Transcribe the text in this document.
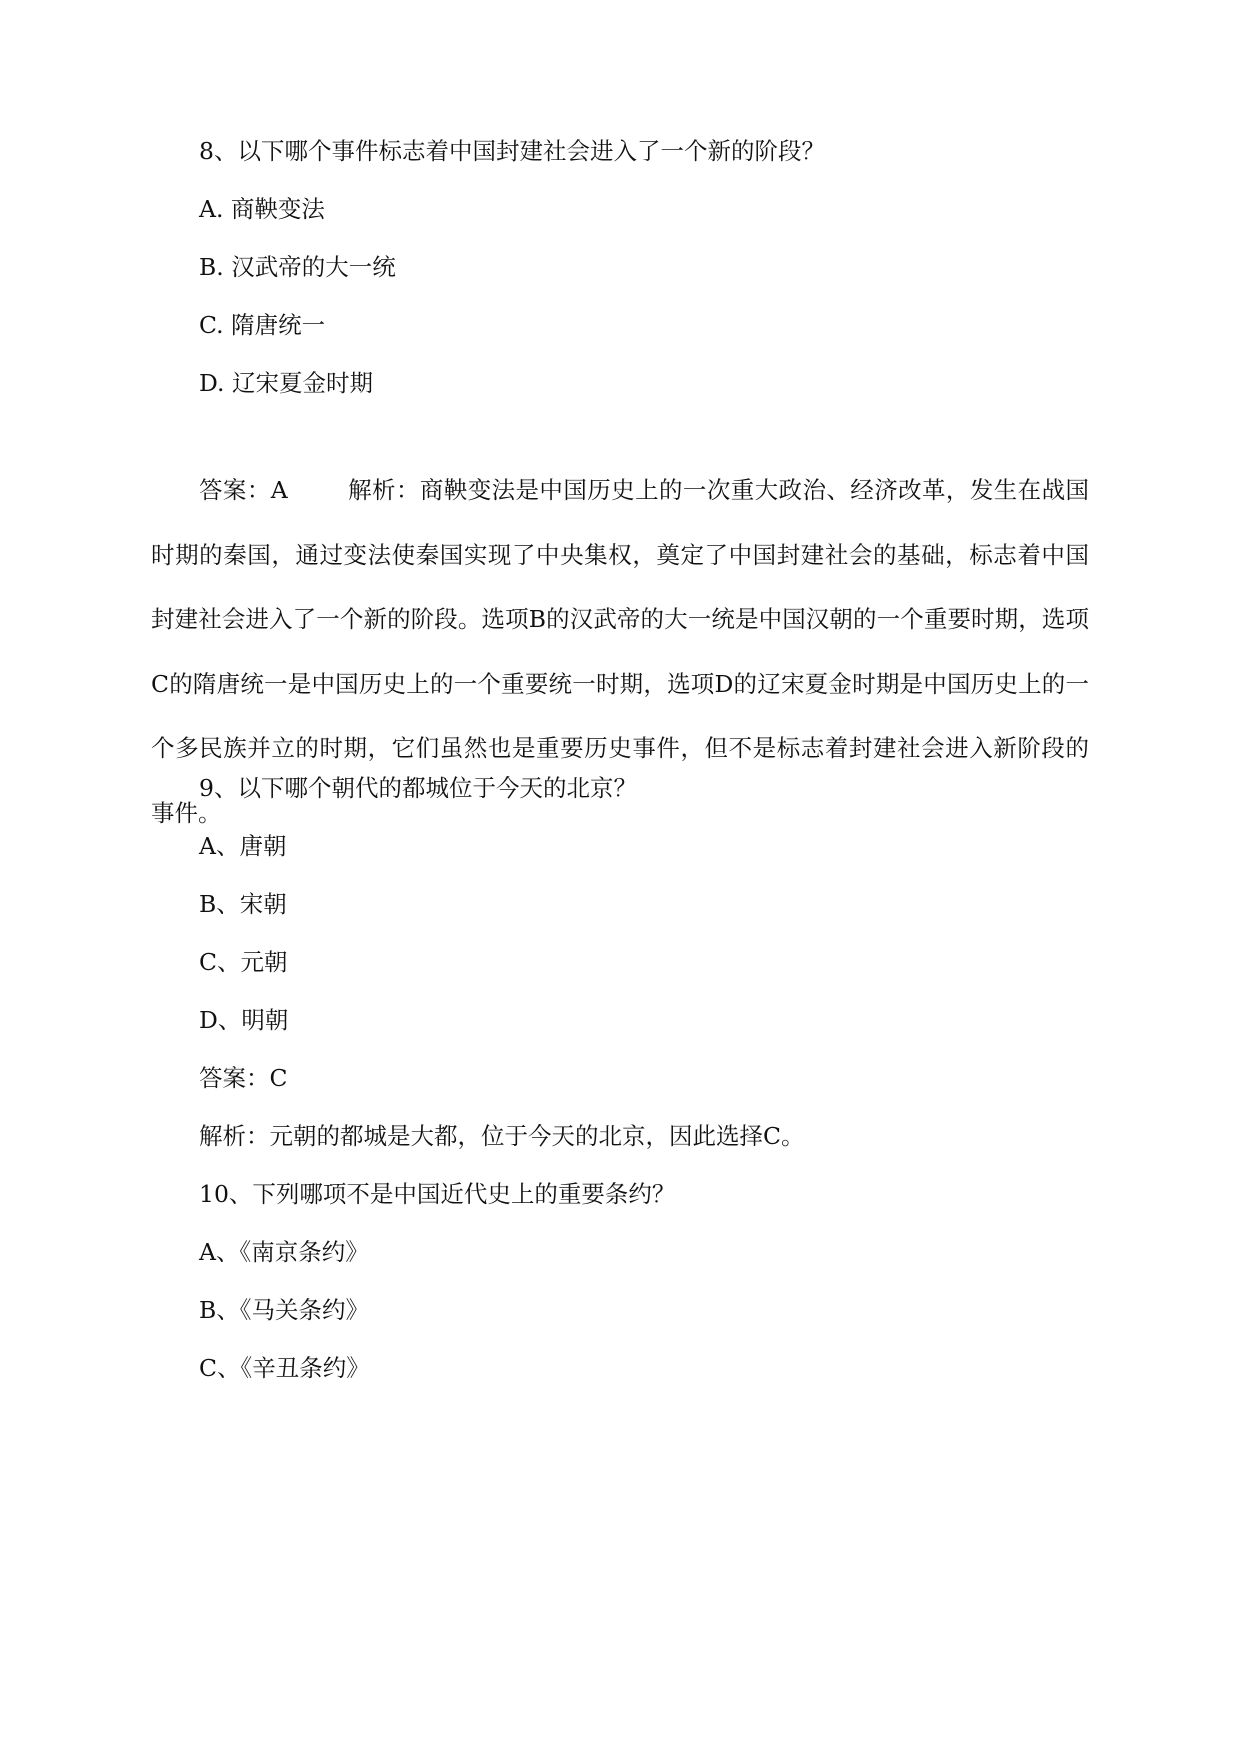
8、以下哪个事件标志着中国封建社会进入了一个新的阶段？
A. 商鞅变法
B. 汉武帝的大一统
C. 隋唐统一
D. 辽宋夏金时期
答案：A	解析：商鞅变法是中国历史上的一次重大政治、经济改革，发生在战国时期的秦国，通过变法使秦国实现了中央集权，奠定了中国封建社会的基础，标志着中国封建社会进入了一个新的阶段。选项B的汉武帝的大一统是中国汉朝的一个重要时期，选项C的隋唐统一是中国历史上的一个重要统一时期，选项D的辽宋夏金时期是中国历史上的一个多民族并立的时期，它们虽然也是重要历史事件，但不是标志着封建社会进入新阶段的事件。
9、以下哪个朝代的都城位于今天的北京？
A、唐朝
B、宋朝
C、元朝
D、明朝
答案：C
解析：元朝的都城是大都，位于今天的北京，因此选择C。
10、下列哪项不是中国近代史上的重要条约？
A、《南京条约》
B、《马关条约》
C、《辛丑条约》
